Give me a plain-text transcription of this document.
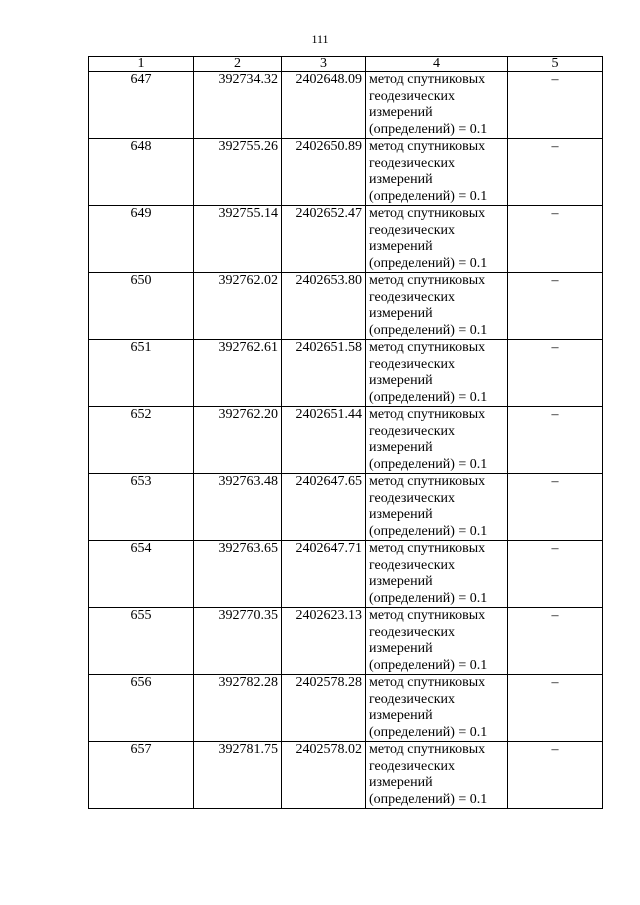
111
1	2	3	4	5
647	392734.32	2402648.09	метод спутниковых
геодезических
измерений
(определений) = 0.1	–
648	392755.26	2402650.89	метод спутниковых
геодезических
измерений
(определений) = 0.1	–
649	392755.14	2402652.47	метод спутниковых
геодезических
измерений
(определений) = 0.1	–
650	392762.02	2402653.80	метод спутниковых
геодезических
измерений
(определений) = 0.1	–
651	392762.61	2402651.58	метод спутниковых
геодезических
измерений
(определений) = 0.1	–
652	392762.20	2402651.44	метод спутниковых
геодезических
измерений
(определений) = 0.1	–
653	392763.48	2402647.65	метод спутниковых
геодезических
измерений
(определений) = 0.1	–
654	392763.65	2402647.71	метод спутниковых
геодезических
измерений
(определений) = 0.1	–
655	392770.35	2402623.13	метод спутниковых
геодезических
измерений
(определений) = 0.1	–
656	392782.28	2402578.28	метод спутниковых
геодезических
измерений
(определений) = 0.1	–
657	392781.75	2402578.02	метод спутниковых
геодезических
измерений
(определений) = 0.1	–
